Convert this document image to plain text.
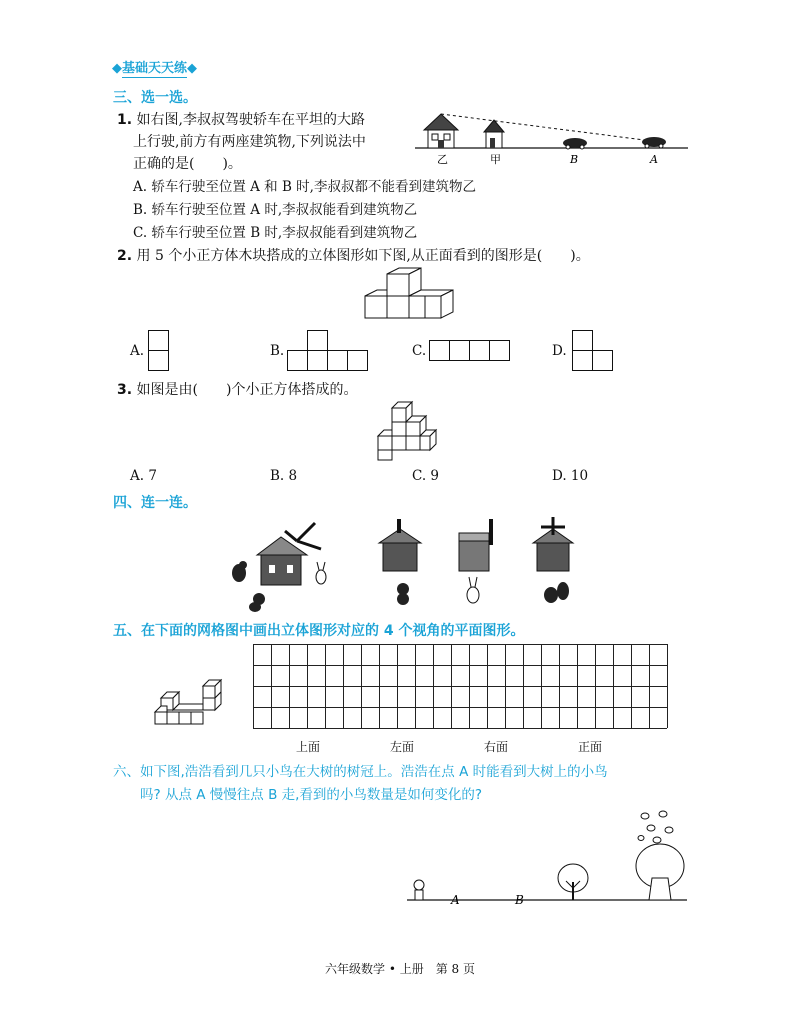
◆基础天天练◆
三、选一选。
1. 如右图,李叔叔驾驶轿车在平坦的大路
上行驶,前方有两座建筑物,下列说法中
正确的是(　　)。
A. 轿车行驶至位置 A 和 B 时,李叔叔都不能看到建筑物乙
B. 轿车行驶至位置 A 时,李叔叔能看到建筑物乙
C. 轿车行驶至位置 B 时,李叔叔能看到建筑物乙
乙	甲	B	A
2. 用 5 个小正方体木块搭成的立体图形如下图,从正面看到的图形是(　　)。
A.	B.	C.	D.
3. 如图是由(　　)个小正方体搭成的。
A. 7	B. 8	C. 9	D. 10
四、连一连。
五、在下面的网格图中画出立体图形对应的 4 个视角的平面图形。
上面	左面	右面	正面
六、如下图,浩浩看到几只小鸟在大树的树冠上。浩浩在点 A 时能看到大树上的小鸟
吗? 从点 A 慢慢往点 B 走,看到的小鸟数量是如何变化的?
A	B
六年级数学 • 上册　第 8 页
